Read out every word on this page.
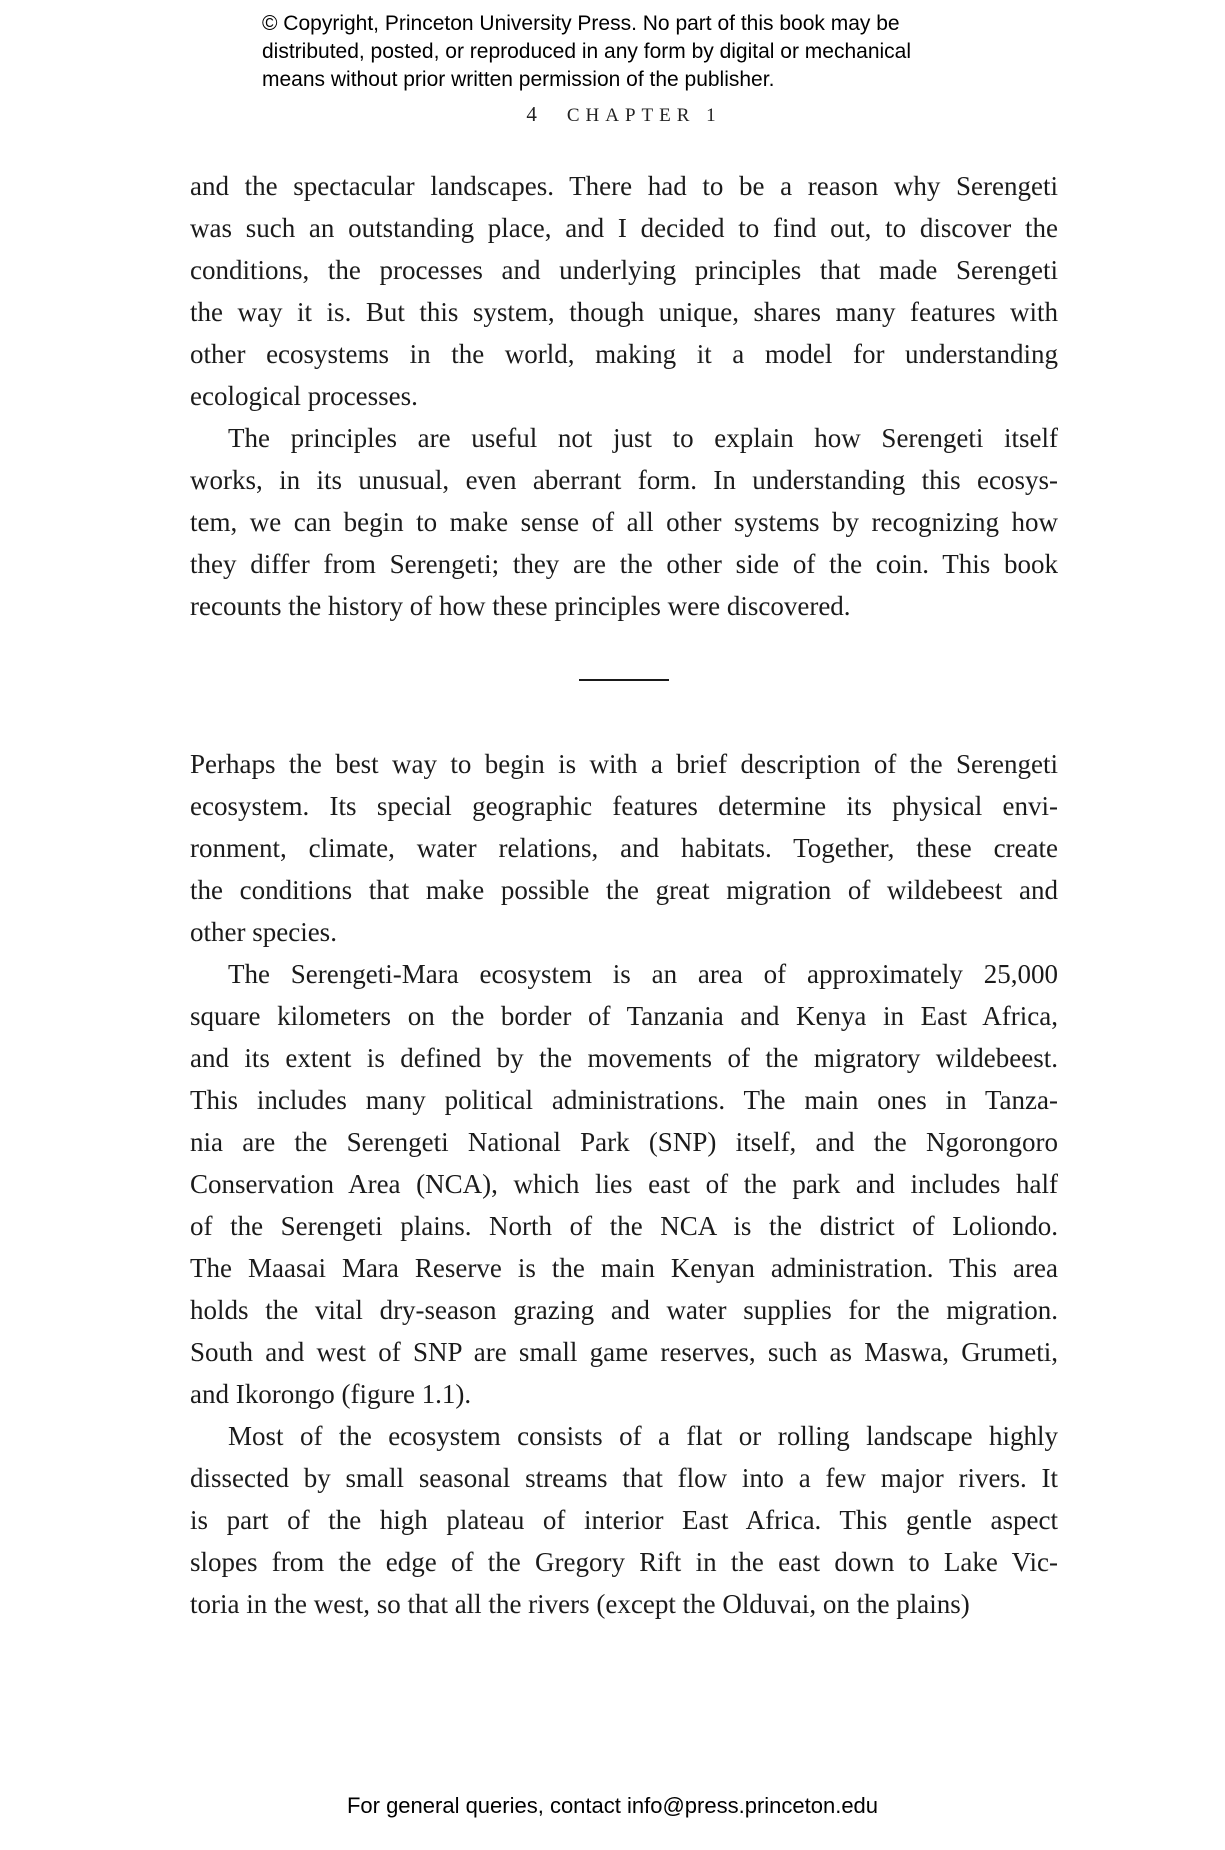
© Copyright, Princeton University Press. No part of this book may be
distributed, posted, or reproduced in any form by digital or mechanical
means without prior written permission of the publisher.
4 CHAPTER 1
and the spectacular landscapes. There had to be a reason why Serengeti
was such an outstanding place, and I decided to find out, to discover the
conditions, the processes and underlying principles that made Serengeti
the way it is. But this system, though unique, shares many features with
other ecosystems in the world, making it a model for understanding
ecological processes.
The principles are useful not just to explain how Serengeti itself
works, in its unusual, even aberrant form. In understanding this ecosys-
tem, we can begin to make sense of all other systems by recognizing how
they differ from Serengeti; they are the other side of the coin. This book
recounts the history of how these principles were discovered.
Perhaps the best way to begin is with a brief description of the Serengeti
ecosystem. Its special geographic features determine its physical envi-
ronment, climate, water relations, and habitats. Together, these create
the conditions that make possible the great migration of wildebeest and
other species.
The Serengeti-Mara ecosystem is an area of approximately 25,000
square kilometers on the border of Tanzania and Kenya in East Africa,
and its extent is defined by the movements of the migratory wildebeest.
This includes many political administrations. The main ones in Tanza-
nia are the Serengeti National Park (SNP) itself, and the Ngorongoro
Conservation Area (NCA), which lies east of the park and includes half
of the Serengeti plains. North of the NCA is the district of Loliondo.
The Maasai Mara Reserve is the main Kenyan administration. This area
holds the vital dry-season grazing and water supplies for the migration.
South and west of SNP are small game reserves, such as Maswa, Grumeti,
and Ikorongo (figure 1.1).
Most of the ecosystem consists of a flat or rolling landscape highly
dissected by small seasonal streams that flow into a few major rivers. It
is part of the high plateau of interior East Africa. This gentle aspect
slopes from the edge of the Gregory Rift in the east down to Lake Vic-
toria in the west, so that all the rivers (except the Olduvai, on the plains)
For general queries, contact info@press.princeton.edu
